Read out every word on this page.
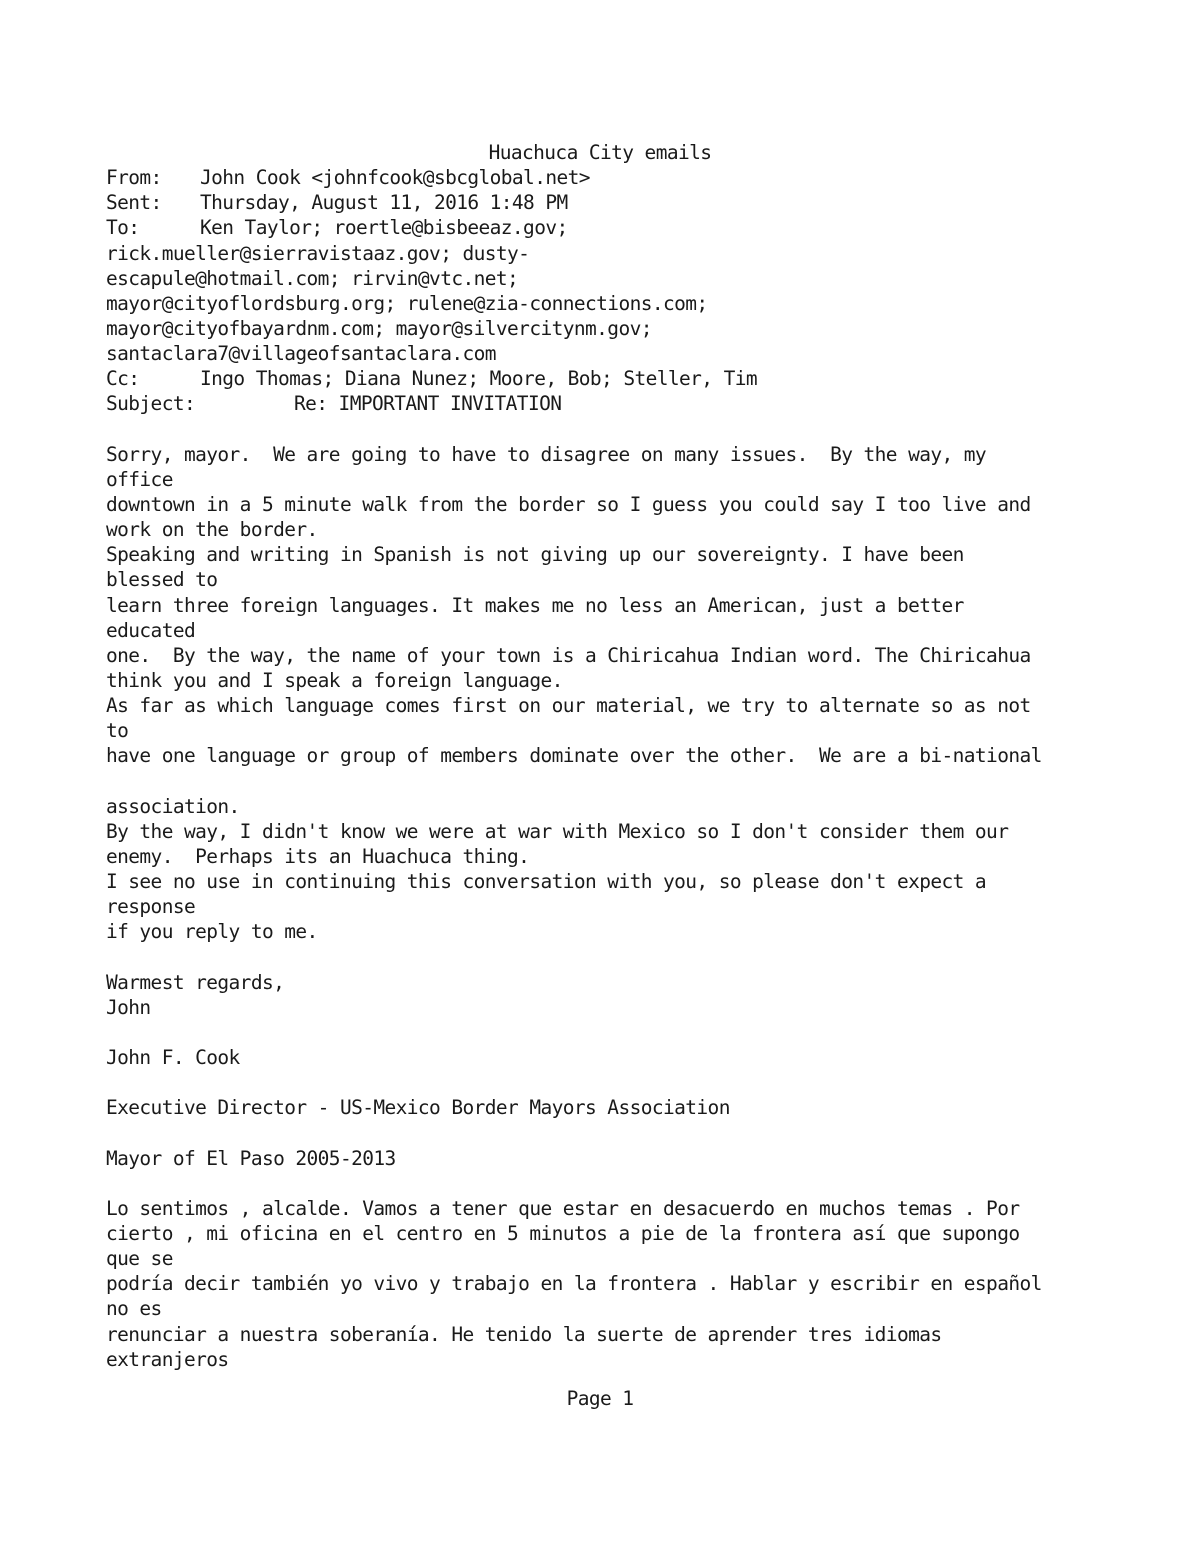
Huachuca City emails

From: John Cook <johnfcook@sbcglobal.net>
Sent: Thursday, August 11, 2016 1:48 PM
To:	Ken Taylor; roertle@bisbeeaz.gov;
rick.mueller@sierravistaaz.gov; dusty-
escapule@hotmail.com; rirvin@vtc.net;
mayor@cityoflordsburg.org; rulene@zia-connections.com;
mayor@cityofbayardnm.com; mayor@silvercitynm.gov;
santaclara7@villageofsantaclara.com
Cc:	Ingo Thomas; Diana Nunez; Moore, Bob; Steller, Tim
Subject:	Re: IMPORTANT INVITATION
Sorry, mayor.  We are going to have to disagree on many issues.  By the way, my
office
downtown in a 5 minute walk from the border so I guess you could say I too live and
work on the border.
Speaking and writing in Spanish is not giving up our sovereignty. I have been
blessed to
learn three foreign languages. It makes me no less an American, just a better
educated
one.  By the way, the name of your town is a Chiricahua Indian word. The Chiricahua
think you and I speak a foreign language.
As far as which language comes first on our material, we try to alternate so as not
to
have one language or group of members dominate over the other.  We are a bi-national
association.
By the way, I didn't know we were at war with Mexico so I don't consider them our
enemy.  Perhaps its an Huachuca thing.
I see no use in continuing this conversation with you, so please don't expect a
response
if you reply to me.
Warmest regards,
John
John F. Cook
Executive Director - US-Mexico Border Mayors Association
Mayor of El Paso 2005-2013
Lo sentimos , alcalde. Vamos a tener que estar en desacuerdo en muchos temas . Por
cierto , mi oficina en el centro en 5 minutos a pie de la frontera así que supongo
que se
podría decir también yo vivo y trabajo en la frontera . Hablar y escribir en español
no es
renunciar a nuestra soberanía. He tenido la suerte de aprender tres idiomas
extranjeros
Page 1
